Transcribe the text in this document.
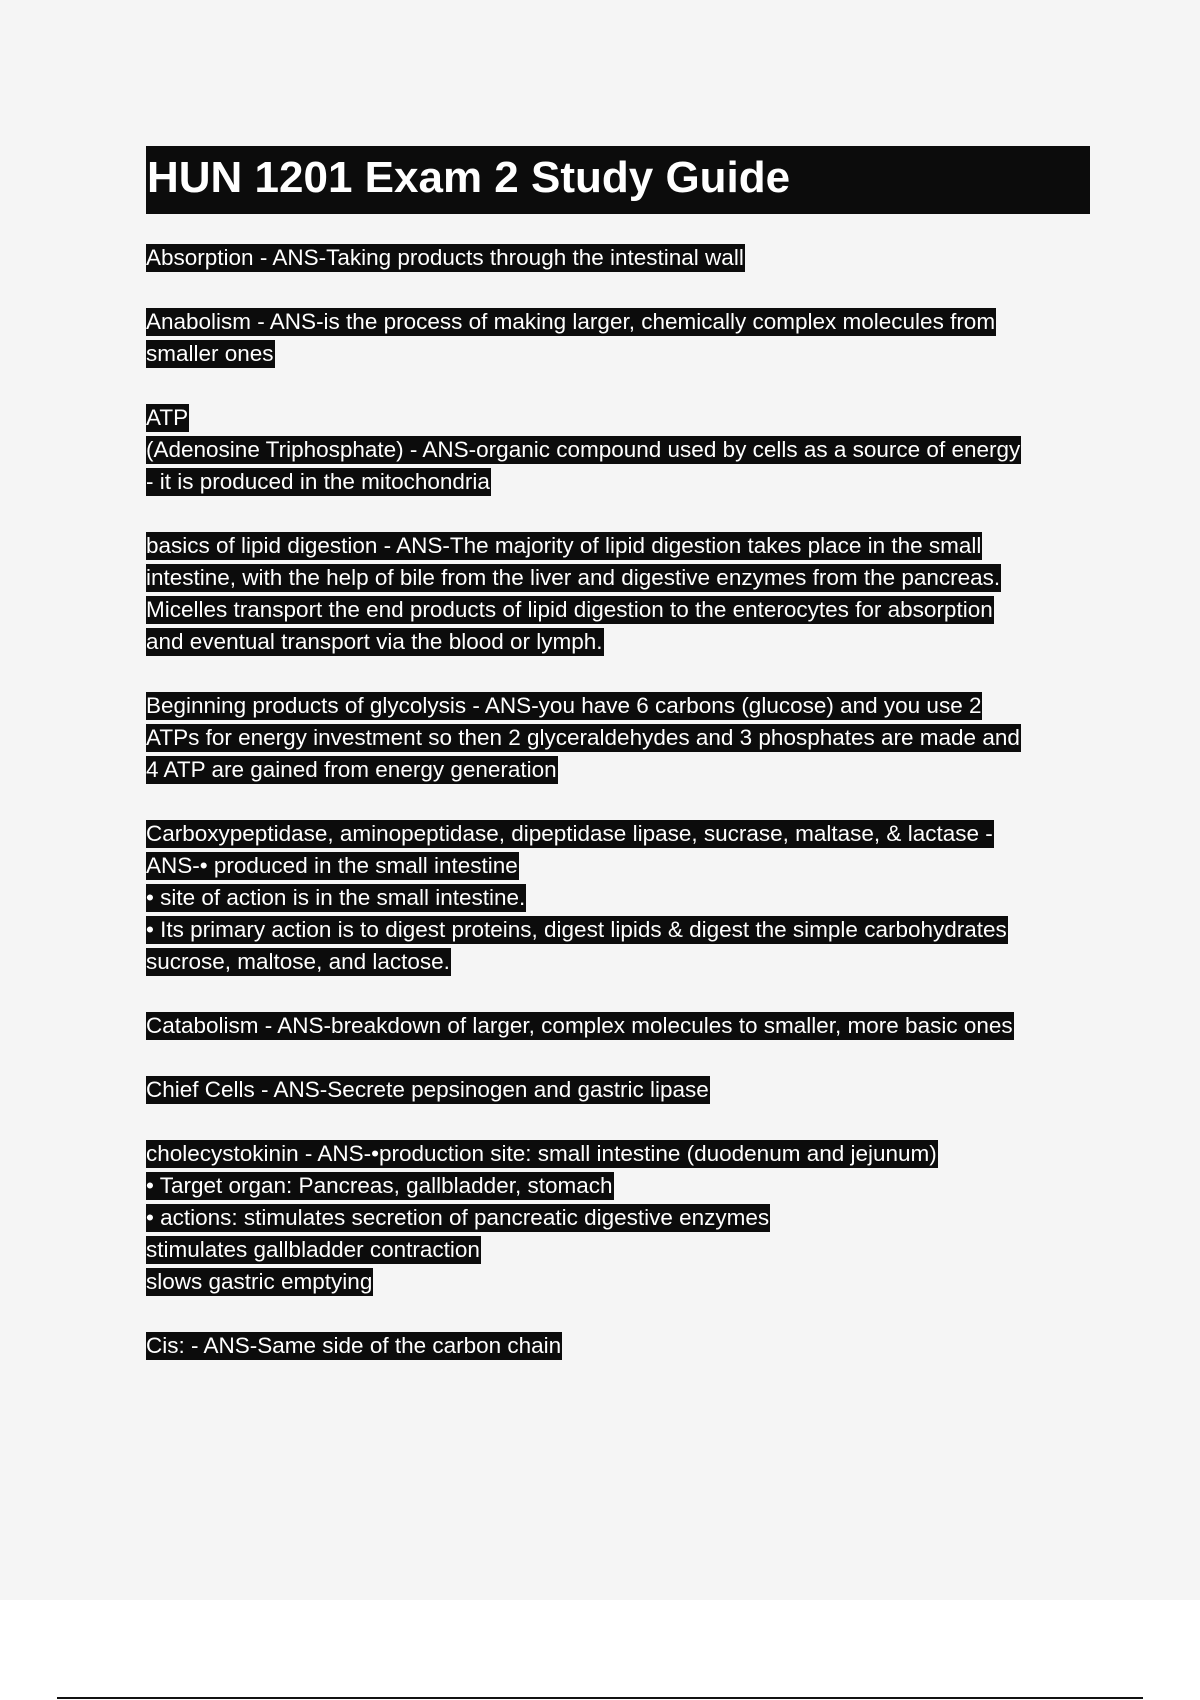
HUN 1201 Exam 2 Study Guide
Absorption - ANS-Taking products through the intestinal wall
Anabolism - ANS-is the process of making larger, chemically complex molecules from
smaller ones
ATP
(Adenosine Triphosphate) - ANS-organic compound used by cells as a source of energy
- it is produced in the mitochondria
basics of lipid digestion - ANS-The majority of lipid digestion takes place in the small
intestine, with the help of bile from the liver and digestive enzymes from the pancreas.
Micelles transport the end products of lipid digestion to the enterocytes for absorption
and eventual transport via the blood or lymph.
Beginning products of glycolysis - ANS-you have 6 carbons (glucose) and you use 2
ATPs for energy investment so then 2 glyceraldehydes and 3 phosphates are made and
4 ATP are gained from energy generation
Carboxypeptidase, aminopeptidase, dipeptidase lipase, sucrase, maltase, & lactase -
ANS-• produced in the small intestine
• site of action is in the small intestine.
• Its primary action is to digest proteins, digest lipids & digest the simple carbohydrates
sucrose, maltose, and lactose.
Catabolism - ANS-breakdown of larger, complex molecules to smaller, more basic ones
Chief Cells - ANS-Secrete pepsinogen and gastric lipase
cholecystokinin - ANS-•production site: small intestine (duodenum and jejunum)
• Target organ: Pancreas, gallbladder, stomach
• actions: stimulates secretion of pancreatic digestive enzymes
stimulates gallbladder contraction
slows gastric emptying
Cis: - ANS-Same side of the carbon chain
